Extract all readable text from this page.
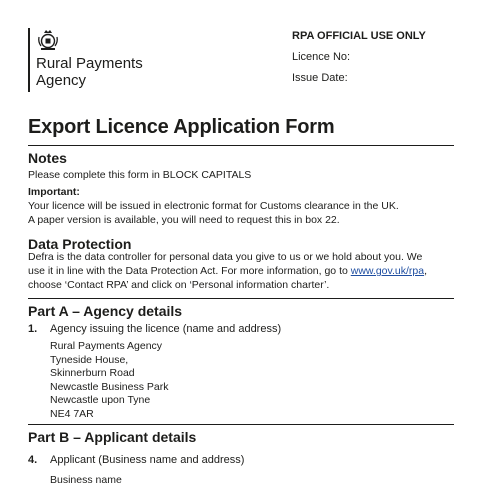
Rural Payments
Agency
RPA OFFICIAL USE ONLY
Licence No:
Issue Date:
Export Licence Application Form
Notes

Please complete this form in BLOCK CAPITALS

Important:

Your licence will be issued in electronic format for Customs clearance in the UK.

A paper version is available, you will need to request this in box 22.

Data Protection

Defra is the data controller for personal data you give to us or we hold about you. We

use it in line with the Data Protection Act. For more information, go to www.gov.uk/rpa,

choose ‘Contact RPA’ and click on ‘Personal information charter’.

Part A – Agency details
1. Agency issuing the licence (name and address)
Rural Payments Agency
Tyneside House,
Skinnerburn Road
Newcastle Business Park
Newcastle upon Tyne
NE4 7AR
Part B – Applicant details
4. Applicant (Business name and address)
Business name
